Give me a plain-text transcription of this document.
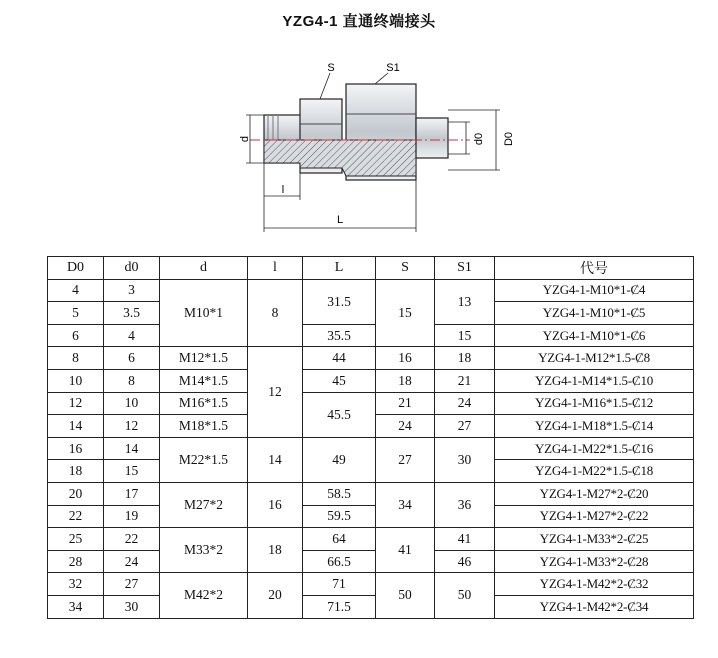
YZG4-1 直通终端接头
S	S1
d	d0 D0
l
L
D0	d0	d	l	L	S	S1	代号
4	3	M10*1	8	31.5	15	13	YZG4-1-M10*1-Ȼ4
5	3.5						YZG4-1-M10*1-Ȼ5
6	4			35.5		15	YZG4-1-M10*1-Ȼ6
8	6	M12*1.5	12	44	16	18	YZG4-1-M12*1.5-Ȼ8
10	8	M14*1.5		45	18	21	YZG4-1-M14*1.5-Ȼ10
12	10	M16*1.5		45.5	21	24	YZG4-1-M16*1.5-Ȼ12
14	12	M18*1.5			24	27	YZG4-1-M18*1.5-Ȼ14
16	14	M22*1.5	14	49	27	30	YZG4-1-M22*1.5-Ȼ16
18	15						YZG4-1-M22*1.5-Ȼ18
20	17	M27*2	16	58.5	34	36	YZG4-1-M27*2-Ȼ20
22	19			59.5			YZG4-1-M27*2-Ȼ22
25	22	M33*2	18	64	41	41	YZG4-1-M33*2-Ȼ25
28	24			66.5		46	YZG4-1-M33*2-Ȼ28
32	27	M42*2	20	71	50	50	YZG4-1-M42*2-Ȼ32
34	30			71.5			YZG4-1-M42*2-Ȼ34
